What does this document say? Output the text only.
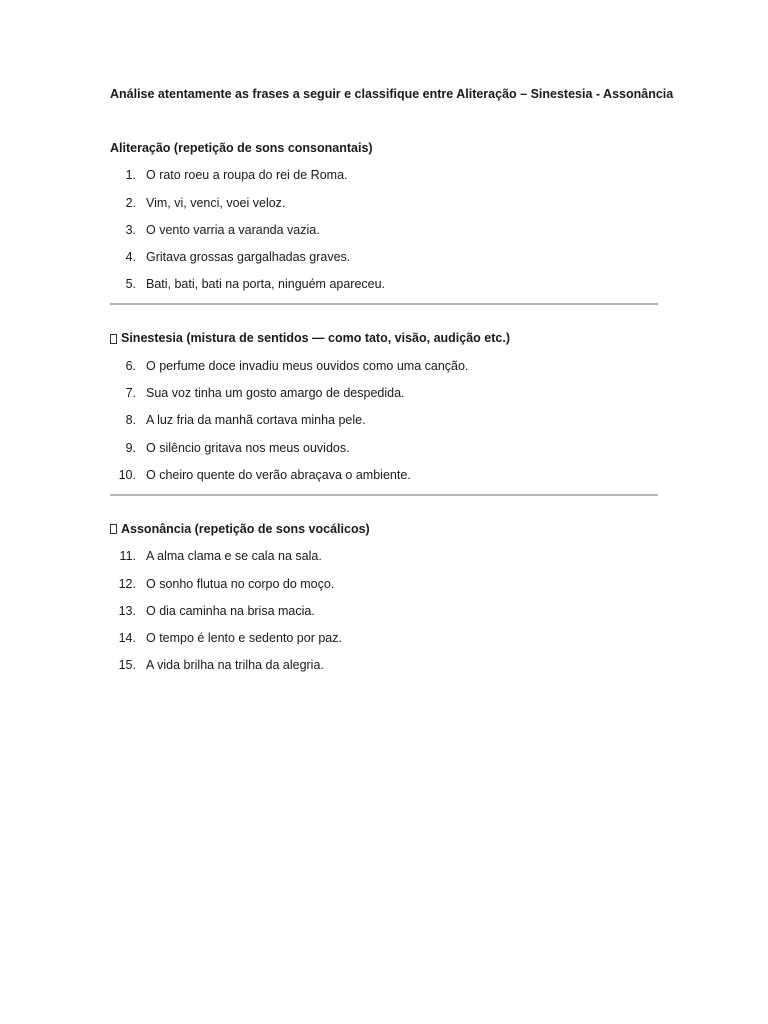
Análise atentamente as frases a seguir e classifique entre Aliteração – Sinestesia - Assonância

Aliteração (repetição de sons consonantais)

1. O rato roeu a roupa do rei de Roma.
2. Vim, vi, venci, voei veloz.
3. O vento varria a varanda vazia.
4. Gritava grossas gargalhadas graves.
5. Bati, bati, bati na porta, ninguém apareceu.

Sinestesia (mistura de sentidos — como tato, visão, audição etc.)

6. O perfume doce invadiu meus ouvidos como uma canção.
7. Sua voz tinha um gosto amargo de despedida.
8. A luz fria da manhã cortava minha pele.
9. O silêncio gritava nos meus ouvidos.
10. O cheiro quente do verão abraçava o ambiente.

Assonância (repetição de sons vocálicos)

11. A alma clama e se cala na sala.
12. O sonho flutua no corpo do moço.
13. O dia caminha na brisa macia.
14. O tempo é lento e sedento por paz.
15. A vida brilha na trilha da alegria.
